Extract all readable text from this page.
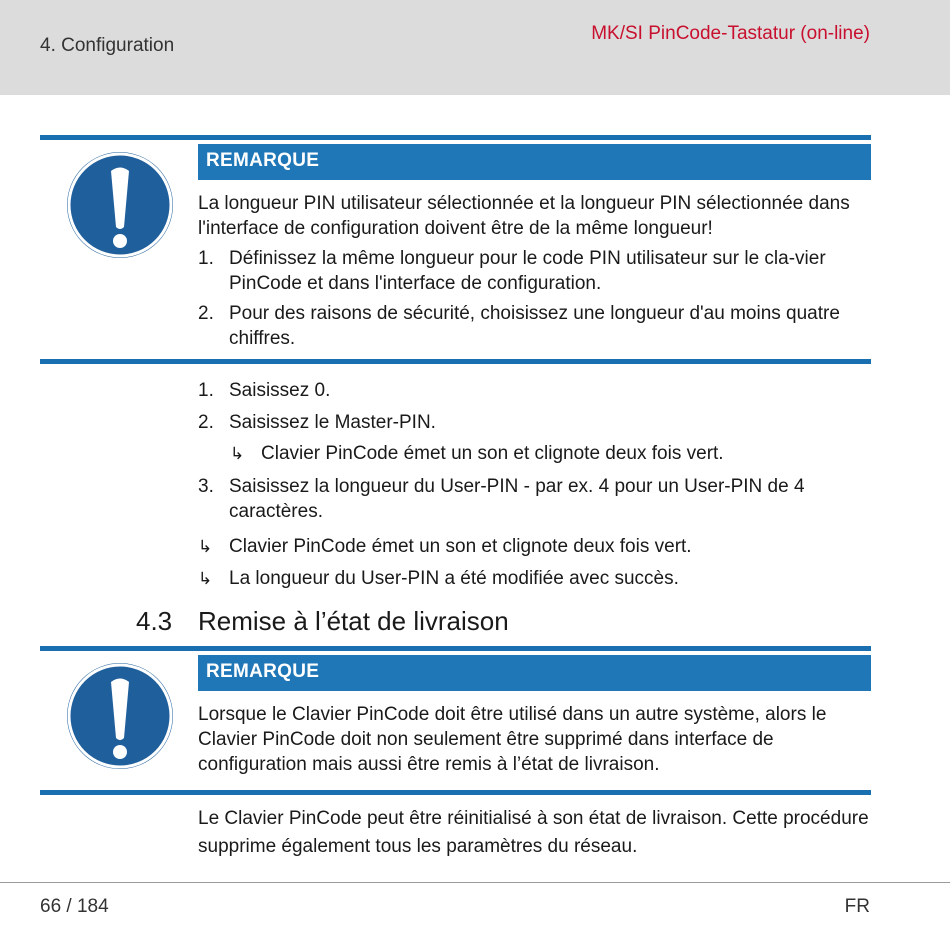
4. Configuration
MK/SI PinCode-Tastatur (on-line)
REMARQUE
La longueur PIN utilisateur sélectionnée et la longueur PIN sélectionnée dans l'interface de configuration doivent être de la même longueur!
1. Définissez la même longueur pour le code PIN utilisateur sur le cla-vier PinCode et dans l'interface de configuration.
2. Pour des raisons de sécurité, choisissez une longueur d'au moins quatre chiffres.
1. Saisissez 0.
2. Saisissez le Master-PIN.
↳ Clavier PinCode émet un son et clignote deux fois vert.
3. Saisissez la longueur du User-PIN - par ex. 4 pour un User-PIN de 4 caractères.
↳ Clavier PinCode émet un son et clignote deux fois vert.
↳ La longueur du User-PIN a été modifiée avec succès.
4.3 Remise à l’état de livraison
REMARQUE
Lorsque le Clavier PinCode doit être utilisé dans un autre système, alors le Clavier PinCode doit non seulement être supprimé dans interface de configuration mais aussi être remis à l’état de livraison.
Le Clavier PinCode peut être réinitialisé à son état de livraison. Cette procédure supprime également tous les paramètres du réseau.
66 / 184	FR
